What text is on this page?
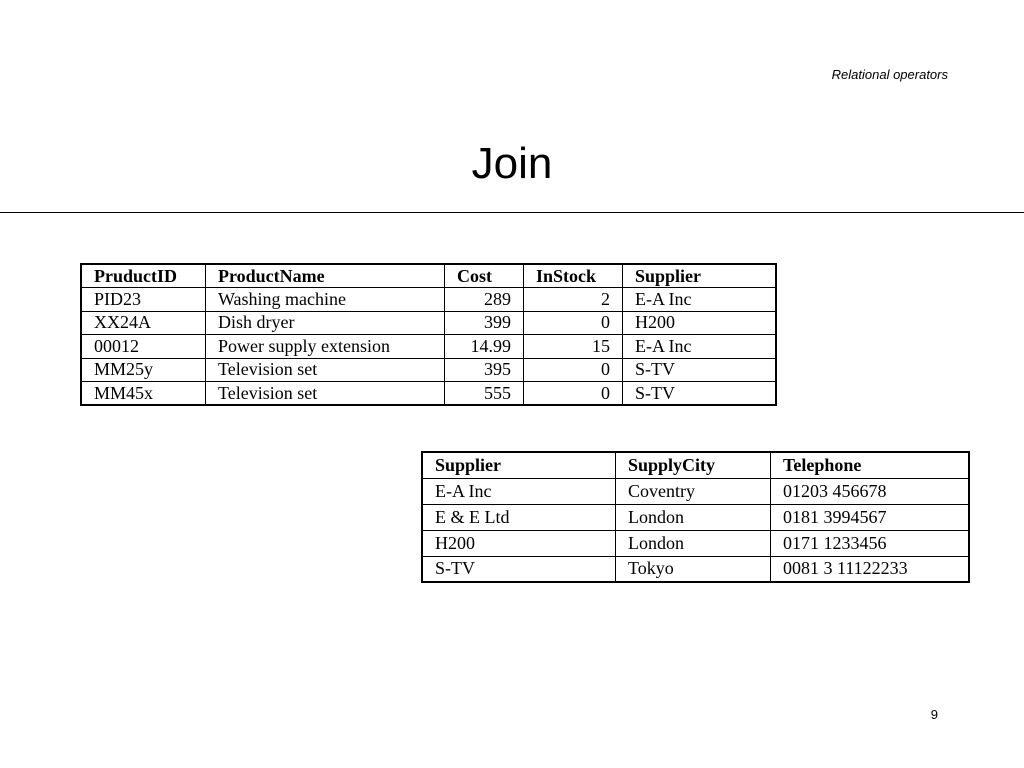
Relational operators
Join
PruductID	ProductName	Cost	InStock	Supplier
PID23	Washing machine	289	2	E-A Inc
XX24A	Dish dryer	399	0	H200
00012	Power supply extension	14.99	15	E-A Inc
MM25y	Television set	395	0	S-TV
MM45x	Television set	555	0	S-TV
Supplier	SupplyCity	Telephone
E-A Inc	Coventry	01203 456678
E & E Ltd	London	0181 3994567
H200	London	0171 1233456
S-TV	Tokyo	0081 3 11122233
9
